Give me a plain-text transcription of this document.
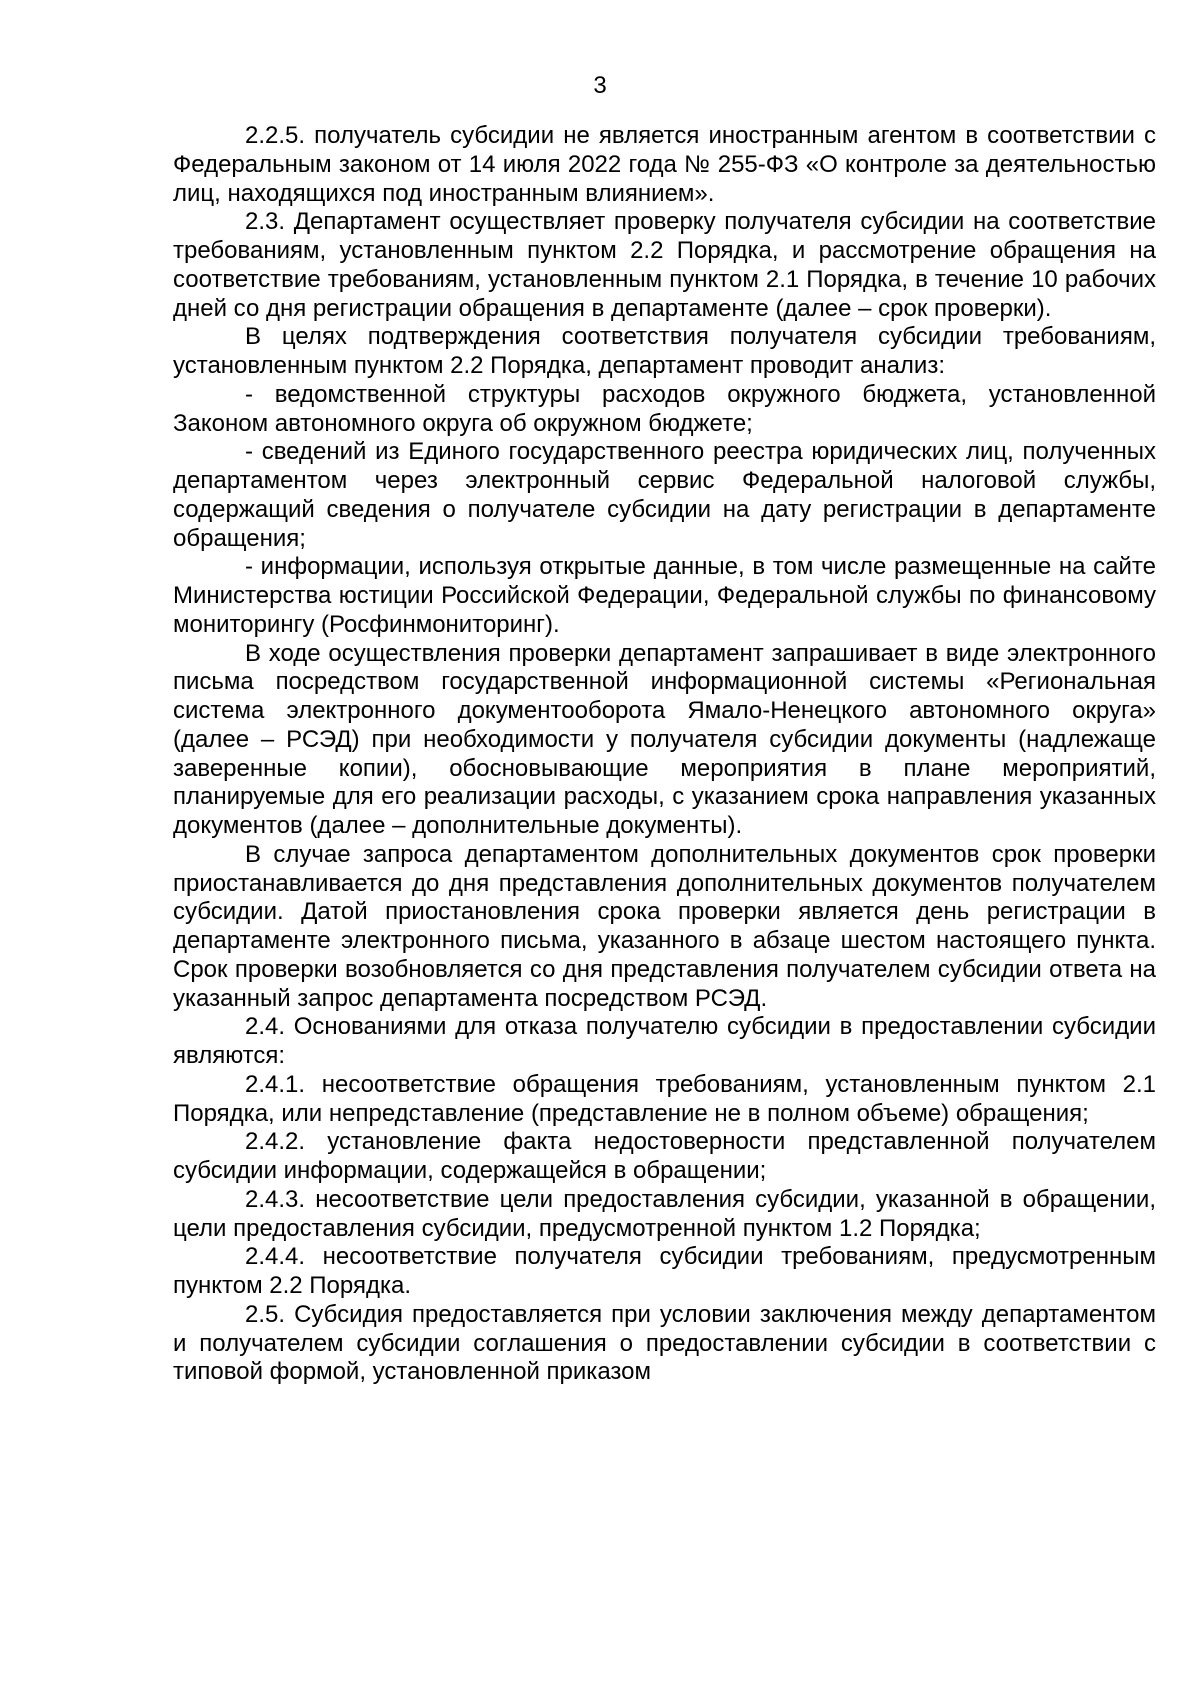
3

2.2.5. получатель субсидии не является иностранным агентом в соответствии с Федеральным законом от 14 июля 2022 года № 255-ФЗ «О контроле за деятельностью лиц, находящихся под иностранным влиянием».

2.3. Департамент осуществляет проверку получателя субсидии на соответствие требованиям, установленным пунктом 2.2 Порядка, и рассмотрение обращения на соответствие требованиям, установленным пунктом 2.1 Порядка, в течение 10 рабочих дней со дня регистрации обращения в департаменте (далее – срок проверки).

В целях подтверждения соответствия получателя субсидии требованиям, установленным пунктом 2.2 Порядка, департамент проводит анализ:

- ведомственной структуры расходов окружного бюджета, установленной Законом автономного округа об окружном бюджете;

- сведений из Единого государственного реестра юридических лиц, полученных департаментом через электронный сервис Федеральной налоговой службы, содержащий сведения о получателе субсидии на дату регистрации в департаменте обращения;

- информации, используя открытые данные, в том числе размещенные на сайте Министерства юстиции Российской Федерации, Федеральной службы по финансовому мониторингу (Росфинмониторинг).

В ходе осуществления проверки департамент запрашивает в виде электронного письма посредством государственной информационной системы «Региональная система электронного документооборота Ямало-Ненецкого автономного округа» (далее – РСЭД) при необходимости у получателя субсидии документы (надлежаще заверенные копии), обосновывающие мероприятия в плане мероприятий, планируемые для его реализации расходы, с указанием срока направления указанных документов (далее – дополнительные документы).

В случае запроса департаментом дополнительных документов срок проверки приостанавливается до дня представления дополнительных документов получателем субсидии. Датой приостановления срока проверки является день регистрации в департаменте электронного письма, указанного в абзаце шестом настоящего пункта. Срок проверки возобновляется со дня представления получателем субсидии ответа на указанный запрос департамента посредством РСЭД.

2.4. Основаниями для отказа получателю субсидии в предоставлении субсидии являются:

2.4.1. несоответствие обращения требованиям, установленным пунктом 2.1 Порядка, или непредставление (представление не в полном объеме) обращения;

2.4.2. установление факта недостоверности представленной получателем субсидии информации, содержащейся в обращении;

2.4.3. несоответствие цели предоставления субсидии, указанной в обращении, цели предоставления субсидии, предусмотренной пунктом 1.2 Порядка;

2.4.4. несоответствие получателя субсидии требованиям, предусмотренным пунктом 2.2 Порядка.

2.5. Субсидия предоставляется при условии заключения между департаментом и получателем субсидии соглашения о предоставлении субсидии в соответствии с типовой формой, установленной приказом
